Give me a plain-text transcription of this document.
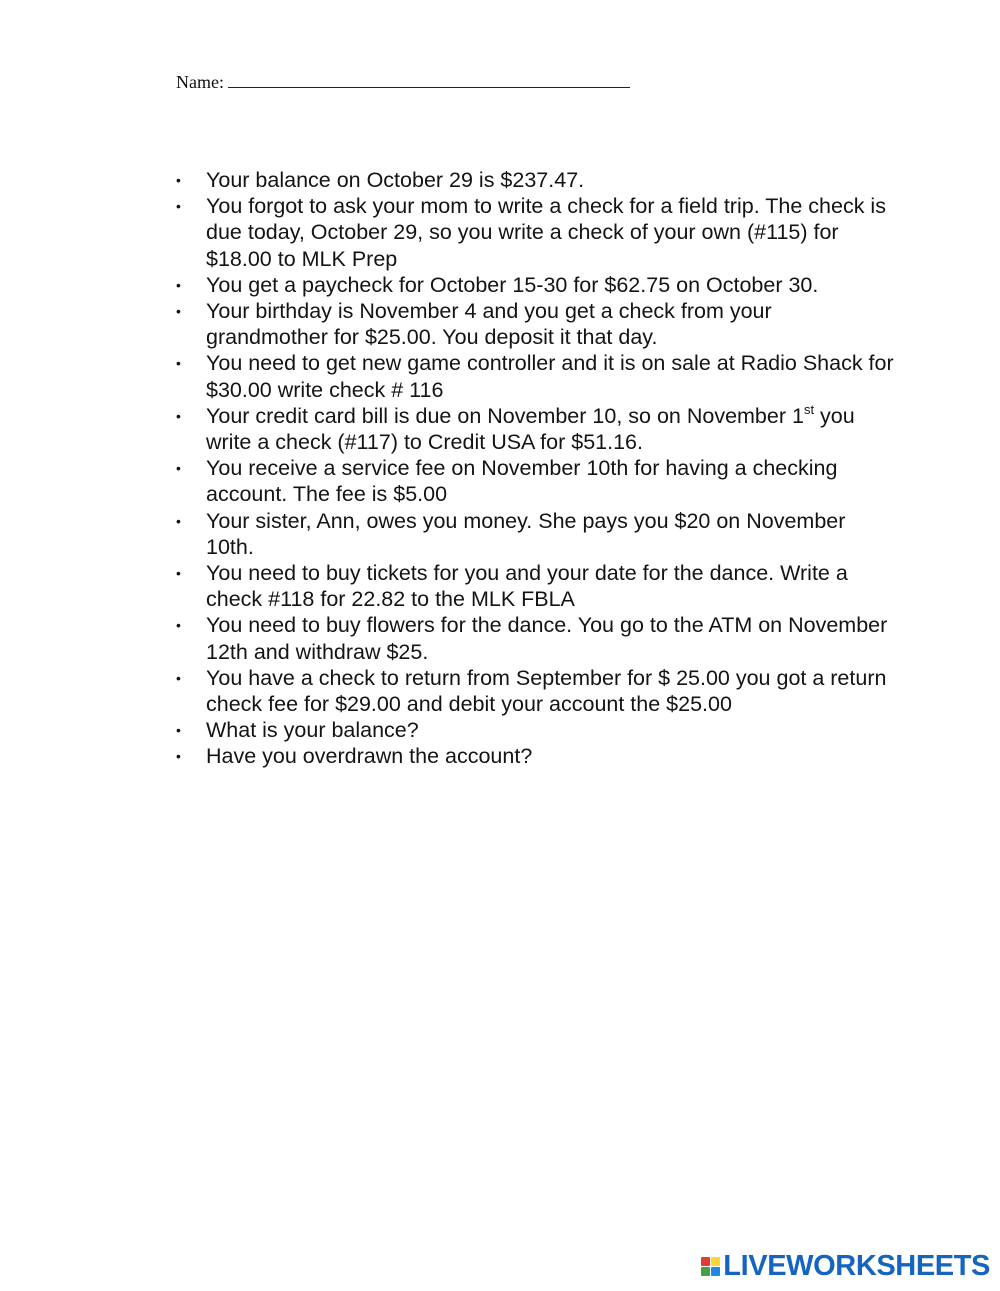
Name:
• Your balance on October 29 is $237.47.
• You forgot to ask your mom to write a check for a field trip. The check is due today, October 29, so you write a check of your own (#115) for $18.00 to MLK Prep
• You get a paycheck for October 15-30 for $62.75 on October 30.
• Your birthday is November 4 and you get a check from your grandmother for $25.00. You deposit it that day.
• You need to get new game controller and it is on sale at Radio Shack for $30.00 write check # 116
• Your credit card bill is due on November 10, so on November 1st you write a check (#117) to Credit USA for $51.16.
• You receive a service fee on November 10th for having a checking account. The fee is $5.00
• Your sister, Ann, owes you money. She pays you $20 on November 10th.
• You need to buy tickets for you and your date for the dance. Write a check #118 for 22.82 to the MLK FBLA
• You need to buy flowers for the dance. You go to the ATM on November 12th and withdraw $25.
• You have a check to return from September for $ 25.00 you got a return check fee for $29.00 and debit your account the $25.00
• What is your balance?
• Have you overdrawn the account?
LIVEWORKSHEETS
